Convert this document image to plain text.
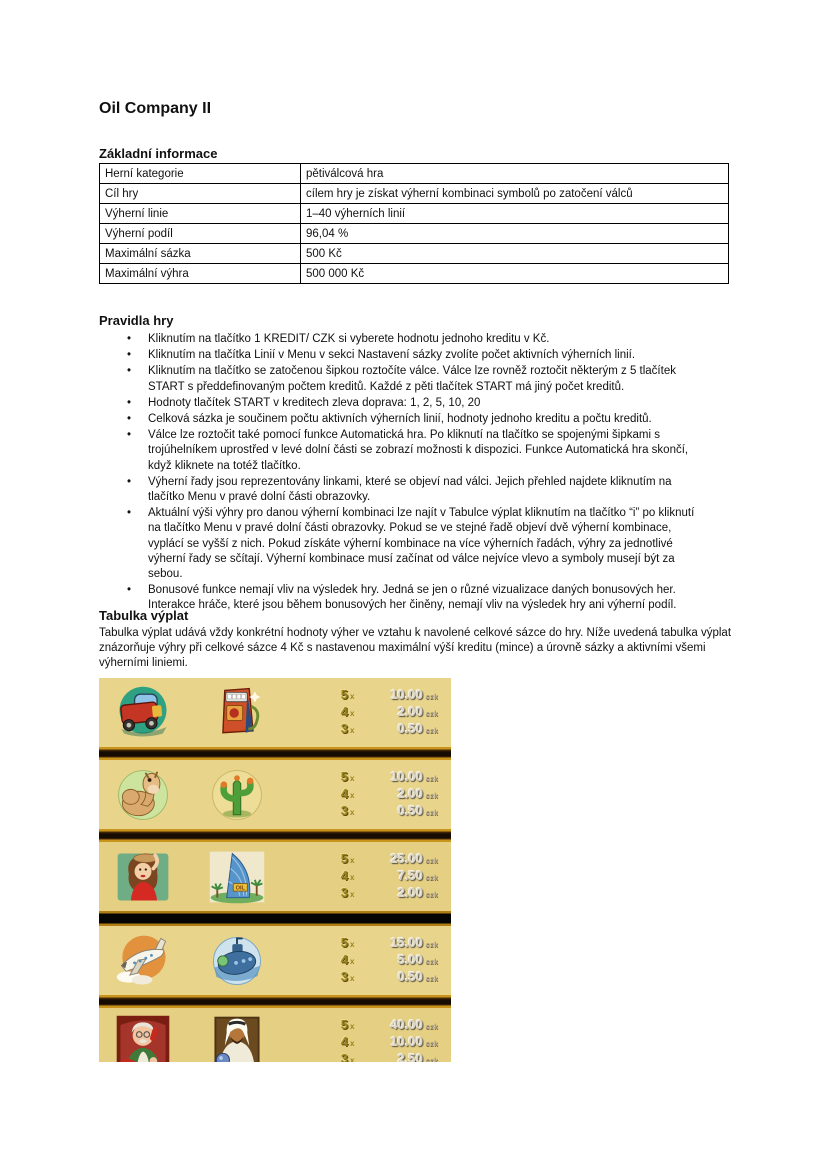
Oil Company II
Základní informace
Herní kategorie	pětiválcová hra
Cíl hry	cílem hry je získat výherní kombinaci symbolů po zatočení válců
Výherní linie	1–40 výherních linií
Výherní podíl	96,04 %
Maximální sázka	500 Kč
Maximální výhra	500 000 Kč
Pravidla hry
• Kliknutím na tlačítko 1 KREDIT/ CZK si vyberete hodnotu jednoho kreditu v Kč.
• Kliknutím na tlačítka Linií v Menu v sekci Nastavení sázky zvolíte počet aktivních výherních linií.
• Kliknutím na tlačítko se zatočenou šipkou roztočíte válce. Válce lze rovněž roztočit některým z 5 tlačítek START s předdefinovaným počtem kreditů. Každé z pěti tlačítek START má jiný počet kreditů.
• Hodnoty tlačítek START v kreditech zleva doprava: 1, 2, 5, 10, 20
• Celková sázka je součinem počtu aktivních výherních linií, hodnoty jednoho kreditu a počtu kreditů.
• Válce lze roztočit také pomocí funkce Automatická hra. Po kliknutí na tlačítko se spojenými šipkami s trojúhelníkem uprostřed v levé dolní části se zobrazí možnosti k dispozici. Funkce Automatická hra skončí, když kliknete na totéž tlačítko.
• Výherní řady jsou reprezentovány linkami, které se objeví nad válci. Jejich přehled najdete kliknutím na tlačítko Menu v pravé dolní části obrazovky.
• Aktuální výši výhry pro danou výherní kombinaci lze najít v Tabulce výplat kliknutím na tlačítko “i” po kliknutí na tlačítko Menu v pravé dolní části obrazovky. Pokud se ve stejné řadě objeví dvě výherní kombinace, vyplácí se vyšší z nich. Pokud získáte výherní kombinace na více výherních řadách, výhry za jednotlivé výherní řady se sčítají. Výherní kombinace musí začínat od válce nejvíce vlevo a symboly musejí být za sebou.
• Bonusové funkce nemají vliv na výsledek hry. Jedná se jen o různé vizualizace daných bonusových her. Interakce hráče, které jsou během bonusových her činěny, nemají vliv na výsledek hry ani výherní podíl.
Tabulka výplat
Tabulka výplat udává vždy konkrétní hodnoty výher ve vztahu k navolené celkové sázce do hry. Níže uvedená tabulka výplat znázorňuje výhry při celkové sázce 4 Kč s nastavenou maximální výší kreditu (mince) a úrovně sázky a aktivními všemi výherními liniemi.
5 x	10.00 czk
4 x	2.00 czk
3 x	0.50 czk
5 x	10.00 czk
4 x	2.00 czk
3 x	0.50 czk
OIL
5 x	25.00 czk
4 x	7.50 czk
3 x	2.00 czk
5 x	15.00 czk
4 x	5.00 czk
3 x	0.50 czk
5 x	40.00 czk
4 x	10.00 czk
3 x	2.50 czk
